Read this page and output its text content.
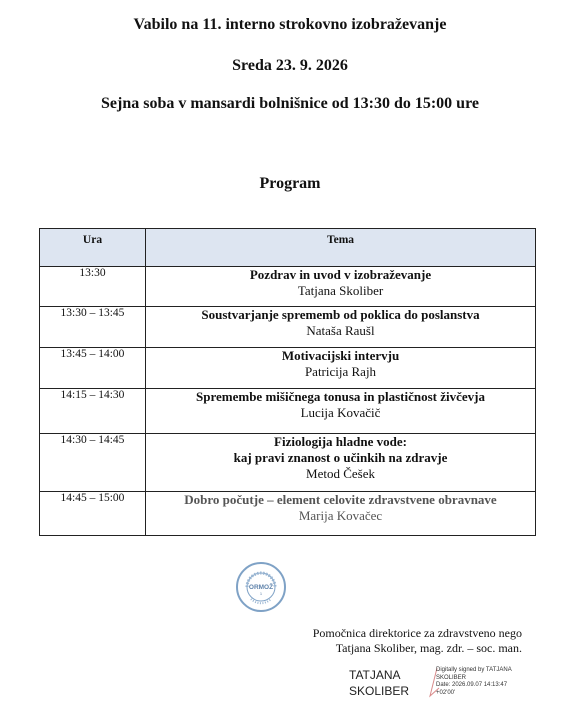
Vabilo na 11. interno strokovno izobraževanje
Sreda 23. 9. 2026
Sejna soba v mansardi bolnišnice od 13:30 do 15:00 ure
Program
Ura	Tema
13:30	Pozdrav in uvod v izobraževanje
Tatjana Skoliber

13:30 – 13:45	Soustvarjanje sprememb od poklica do poslanstva
Nataša Raušl

13:45 – 14:00	Motivacijski intervju
Patricija Rajh

14:15 – 14:30	Spremembe mišičnega tonusa in plastičnost živčevja
Lucija Kovačič

14:30 – 14:45	Fiziologija hladne vode:
kaj pravi znanost o učinkih na zdravje
Metod Češek

14:45 – 15:00	Dobro počutje – element celovite zdravstvene obravnave
Marija Kovačec
ORMOŽ
1
Pomočnica direktorice za zdravstveno nego
Tatjana Skoliber, mag. zdr. – soc. man.
TATJANA
SKOLIBER
Digitally signed by TATJANA
SKOLIBER
Date: 2026.09.07 14:13:47
+02'00'
